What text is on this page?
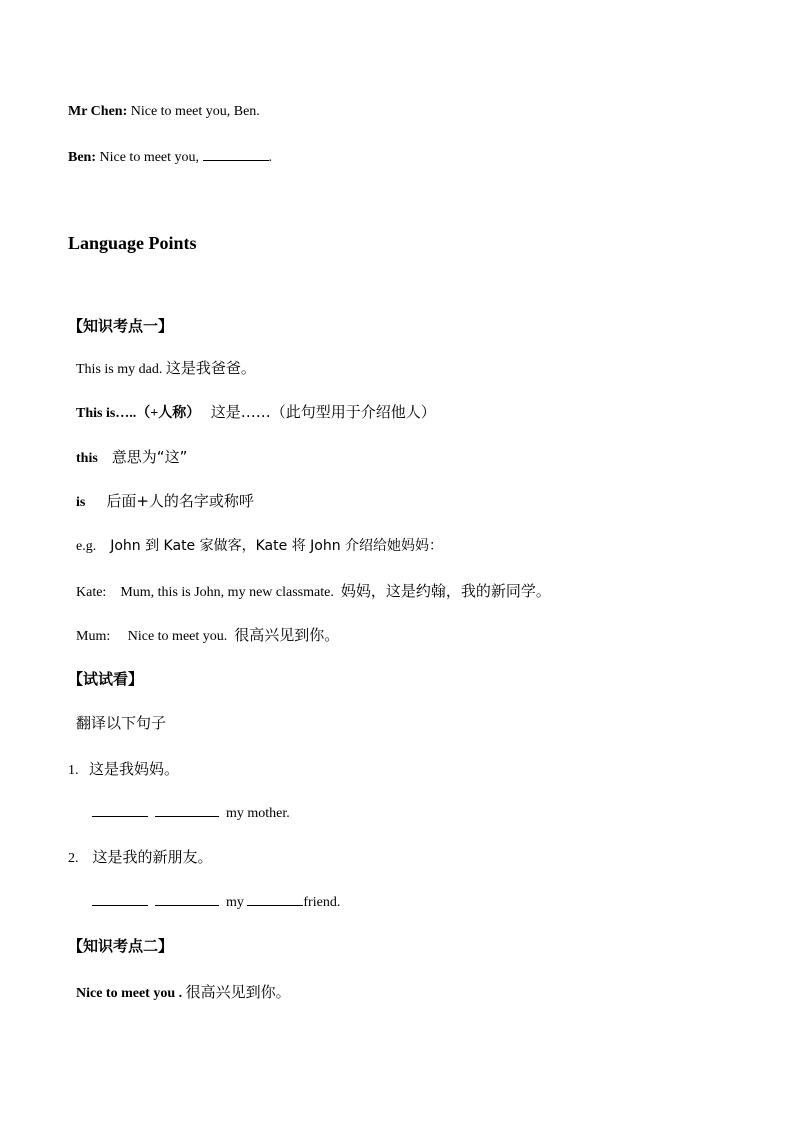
Mr Chen: Nice to meet you, Ben.
Ben: Nice to meet you,	.
Language Points
【知识考点一】
This is my dad. 这是我爸爸。
This is…..（+人称） 这是……（此句型用于介绍他人）
this 意思为“这”
is 后面+人的名字或称呼
e.g. John 到 Kate 家做客，Kate 将 John 介绍给她妈妈：
Kate: Mum, this is John, my new classmate. 妈妈，这是约翰，我的新同学。
Mum: Nice to meet you. 很高兴见到你。
【试试看】
翻译以下句子
1. 这是我妈妈。
my mother.
2. 这是我的新朋友。
my	friend.
【知识考点二】
Nice to meet you . 很高兴见到你。
